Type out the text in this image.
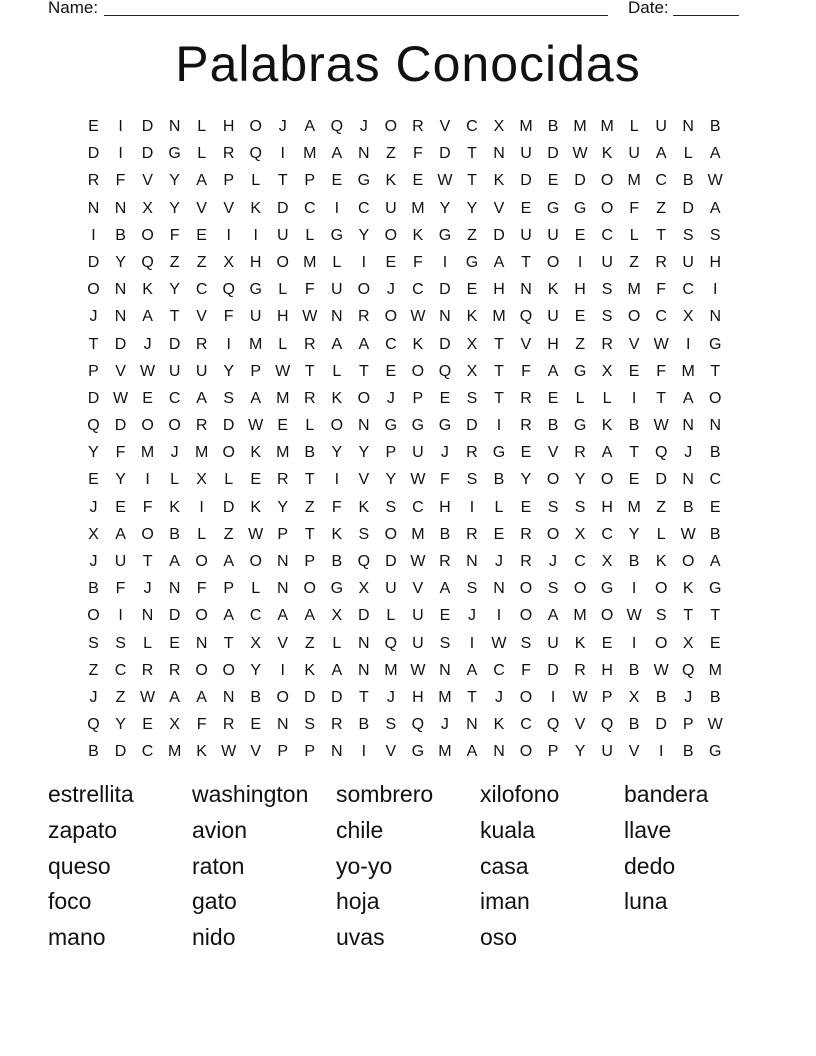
Name:	Date:
Palabras Conocidas
E	I	D N	L	H O	J	A Q	J	O R V C X M B M M L	U N B
D	I	D G	L	R Q	I	M A N	Z	F	D	T	N U D W K U A	L	A
R	F	V	Y	A	P	L	T	P	E G K	E W T	K D E D O M C B W
N N X	Y	V	V	K D C	I	C U M Y	Y	V	E G G O F	Z	D A
I	B O F	E	I	I	U	L	G Y O K G Z	D U U E C	L	T	S	S
D Y Q Z	Z	X H O M L	I	E	F	I	G A	T O	I	U	Z	R U H
O N K	Y C Q G	L	F	U O	J	C D E H N K H S M F	C	I
J	N A	T	V	F	U H W N R O W N K M Q U E	S O C X N
T	D	J	D R	I	M L	R A	A C K D X	T	V H	Z	R V W	I	G
P	V W U U Y	P W T	L	T	E O Q X	T	F	A G X	E	F M T
D W E C A	S	A M R K O	J	P	E	S	T	R E	L	L	I	T	A O
Q D O O R D W E	L	O N G G G D	I	R B G K	B W N N
Y	F M	J	M O K M B	Y	Y	P U	J	R G E	V R A	T Q	J	B
E	Y	I	L	X	L	E R	T	I	V	Y W F	S	B	Y O Y O E D N C
J	E	F	K	I	D K	Y	Z	F	K	S C H	I	L	E	S	S H M Z	B	E
X	A O B	L	Z W P	T	K	S O M B R E R O X C Y	L W B
J	U	T	A O A O N P	B Q D W R N	J	R	J	C X	B	K O A
B	F	J	N	F	P	L	N O G X U V	A	S N O S O G	I	O K G
O	I	N D O A C A	A	X D	L	U E	J	I	O A M O W S	T	T
S	S	L	E N	T	X	V	Z	L	N Q U S	I	W S U K	E	I	O X	E
Z	C R R O O Y	I	K	A N M W N A C	F	D R H B W Q M
J	Z W A	A N B O D D	T	J	H M T	J	O	I	W P	X	B	J	B
Q Y	E	X	F	R E N S R B	S Q	J	N K C Q V Q B D P W
B D C M K W V	P	P N	I	V G M A N O P	Y U V	I	B G
estrellita	washington sombrero xilofono	bandera
zapato	avion	chile	kuala	llave
queso	raton	yo-yo	casa	dedo
foco	gato	hoja	iman	luna
mano	nido	uvas	oso
